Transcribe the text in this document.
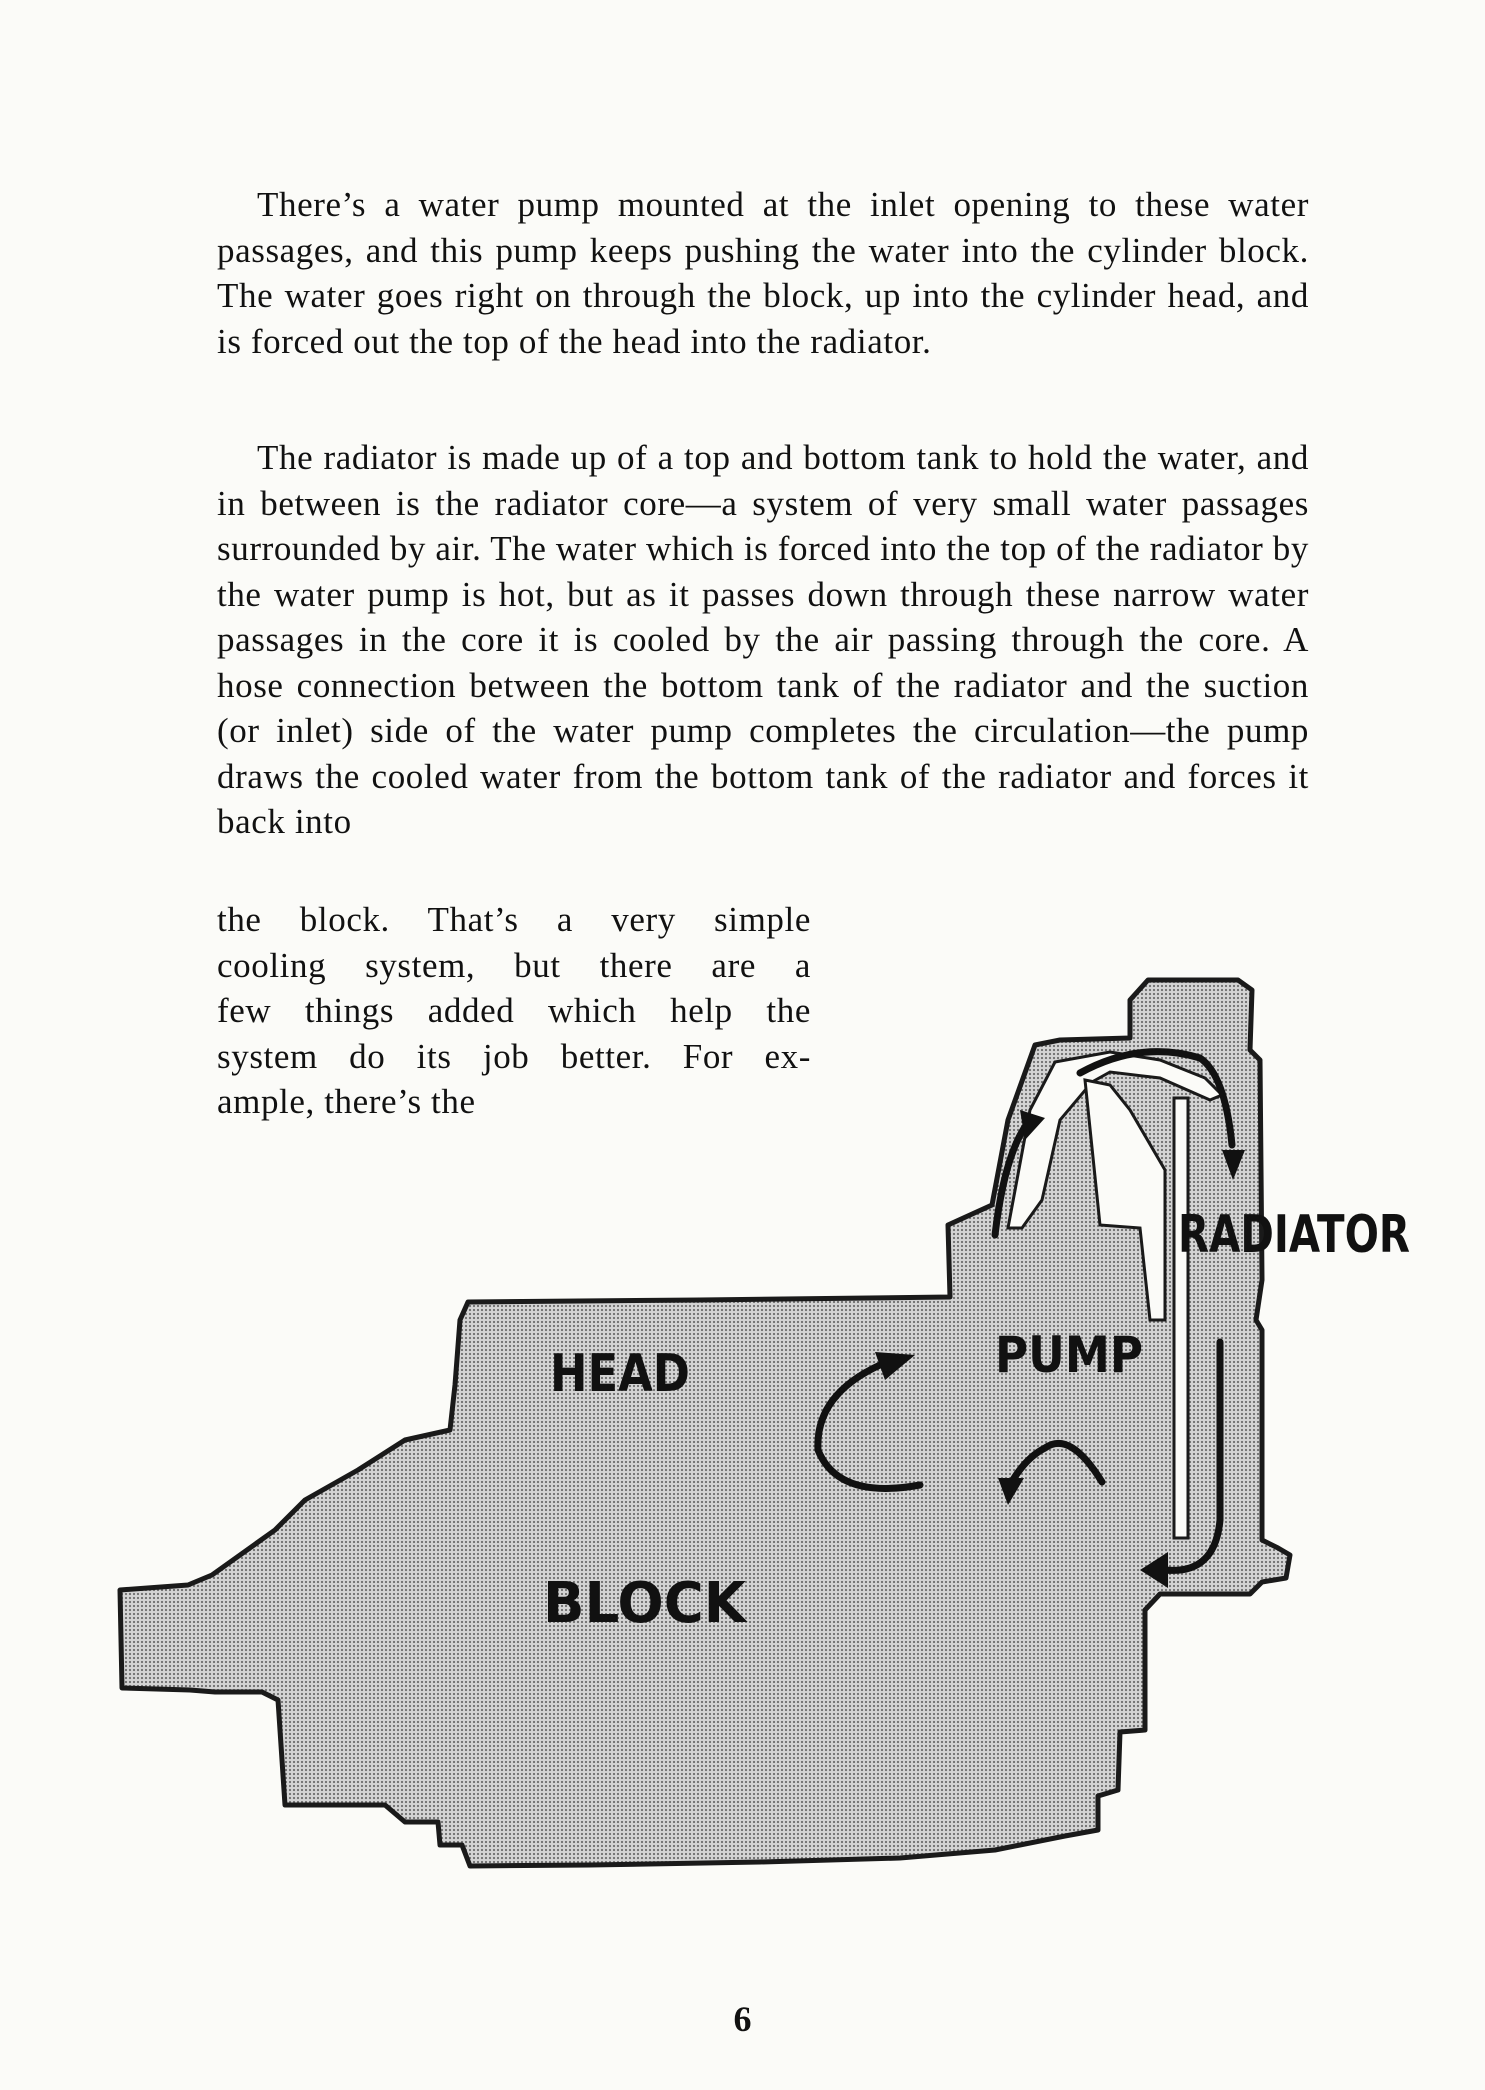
There’s a water pump mounted at the inlet opening to these water passages, and this pump keeps pushing the water into the cylinder block. The water goes right on through the block, up into the cylinder head, and is forced out the top of the head into the radiator.

The radiator is made up of a top and bottom tank to hold the water, and in between is the radiator core—a system of very small water passages surrounded by air. The water which is forced into the top of the radiator by the water pump is hot, but as it passes down through these narrow water passages in the core it is cooled by the air passing through the core. A hose connection between the bottom tank of the radiator and the suction (or inlet) side of the water pump completes the circulation—the pump draws the cooled water from the bottom tank of the radiator and forces it back into

the block. That’s a very simple
cooling system, but there are a
few things added which help the
system do its job better. For ex-
ample, there’s the

RADIATOR
HEAD	PUMP
BLOCK
6
